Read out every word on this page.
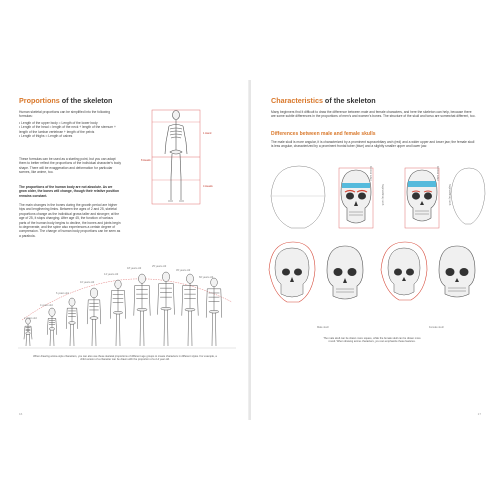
Proportions of the skeleton

Human skeletal proportions can be simplified into the following formulas:

• Length of the upper body = Length of the lower body
• Length of the head = length of the neck + length of the sternum + length of the lumbar vertebrae + length of the pelvis
• Length of thighs = Length of calves

These formulas can be used as a starting point, but you can adapt them to better reflect the proportions of the individual character's body shape. There will be exaggeration and deformation for particular scenes, like anime, too.

The proportions of the human body are not absolute. As we grow older, the bones will change, though their relative position remains constant.

The main changes in the bones during the growth period are higher hips and lengthening limbs. Between the ages of 2 and 25, skeletal proportions change as the individual grows taller and stronger; at the age of 25, it stops changing. After age 45, the function of various parts of the human body begins to decline, the bones and joints begin to degenerate, and the spine also experiences a certain degree of compression. The change of human body proportions can be seen as a parabola.

1 Hand
8 Heads
4 Heads
2 years old
4 years old
6 years old
10 years old
14 years old
18 years old
25 years old
45 years old
60 years old

When drawing anime-style characters, you can also use these skeletal proportions of different age groups to create characters in different styles. For example, a child version of a character can be drawn with the proportion of a 2-4 year old.

16
Characteristics of the skeleton

Many beginners find it difficult to draw the difference between male and female characters, and here the skeleton can help, because there are some subtle differences in the proportions of men's and women's bones. The structure of the skull and torso are somewhat different, too.

Differences between male and female skulls

The male skull is more angular, it is characterized by a prominent supraorbitary arch (red) and a wider upper and lower jaw; the female skull is less angular, characterized by a prominent frontal tuber (blue) and a slightly smaller upper and lower jaw.

Frontal tuber
Supraorbitary arch
Frontal tuber
Supraorbitary arch
Male skull	Female skull

The male skull can be drawn more square, while the female skull can be drawn more round. When drawing anime characters, you can emphasize these features.

17
